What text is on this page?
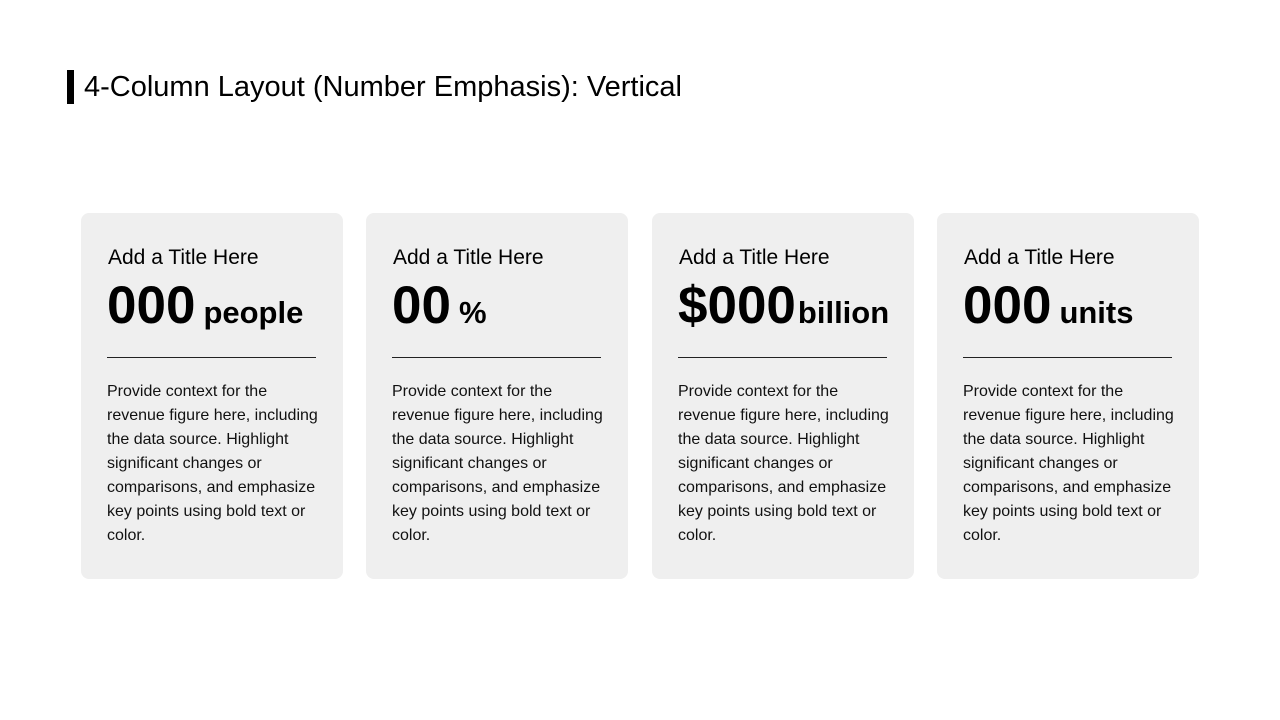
4-Column Layout (Number Emphasis): Vertical
Add a Title Here
000 people
Provide context for the revenue figure here, including the data source. Highlight significant changes or comparisons, and emphasize key points using bold text or color.
Add a Title Here
00 %
Provide context for the revenue figure here, including the data source. Highlight significant changes or comparisons, and emphasize key points using bold text or color.
Add a Title Here
$000billion
Provide context for the revenue figure here, including the data source. Highlight significant changes or comparisons, and emphasize key points using bold text or color.
Add a Title Here
000 units
Provide context for the revenue figure here, including the data source. Highlight significant changes or comparisons, and emphasize key points using bold text or color.
